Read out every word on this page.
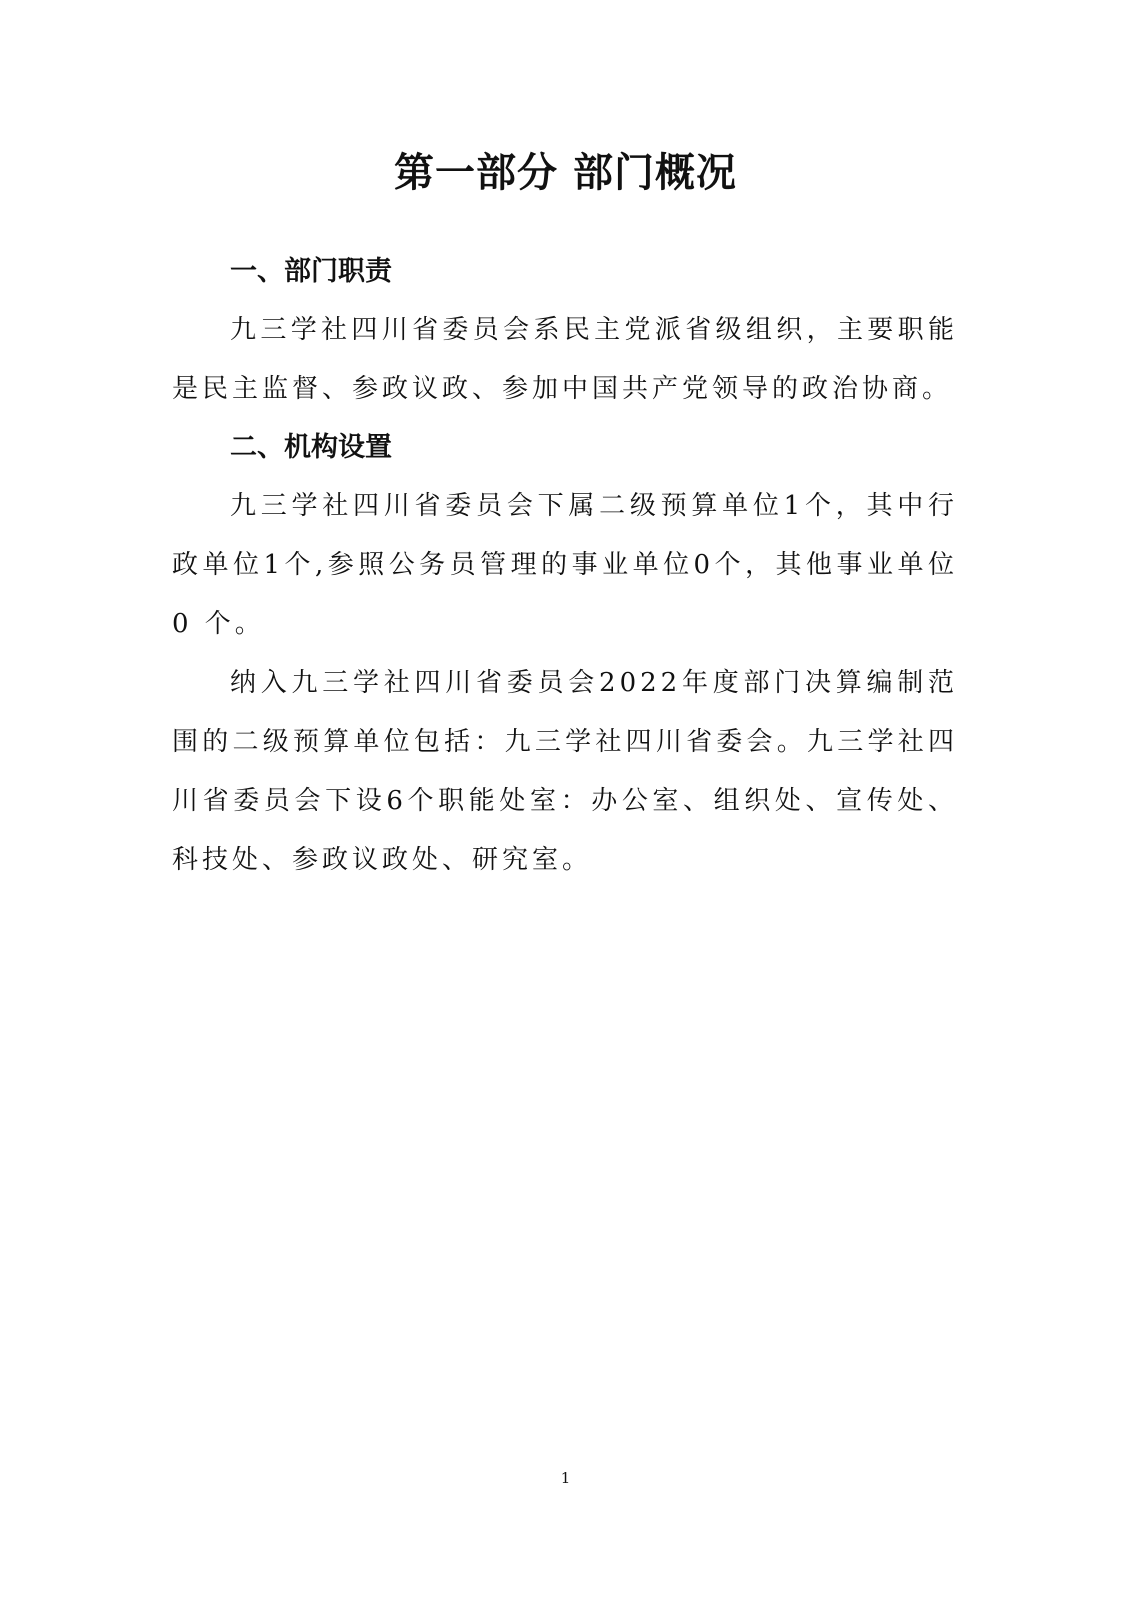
第一部分 部门概况
一、部门职责

九三学社四川省委员会系民主党派省级组织，主要职能是民主监督、参政议政、参加中国共产党领导的政治协商。

二、机构设置

九三学社四川省委员会下属二级预算单位1个，其中行政单位1个,参照公务员管理的事业单位0个，其他事业单位 0 个。

纳入九三学社四川省委员会2022年度部门决算编制范围的二级预算单位包括：九三学社四川省委会。九三学社四川省委员会下设6个职能处室：办公室、组织处、宣传处、科技处、参政议政处、研究室。

1
